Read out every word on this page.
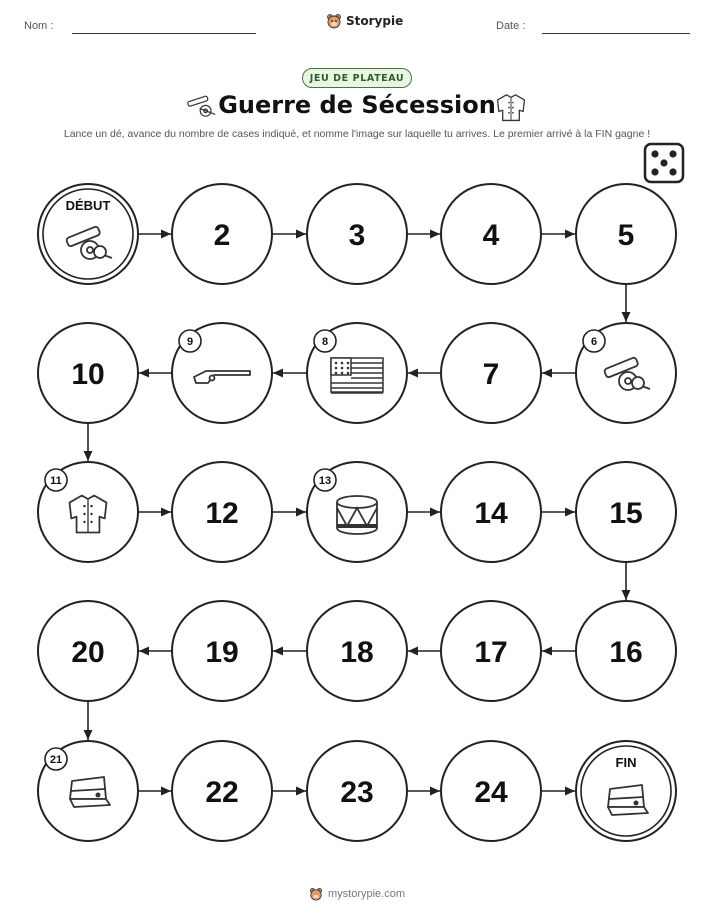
Nom :	Storypie	Date :
JEU DE PLATEAU
Guerre de Sécession
Lance un dé, avance du nombre de cases indiqué, et nomme l'image sur laquelle tu arrives. Le premier arrivé à la FIN gagne !
DÉBUT
2	3	4	5
6
7
8
9
10
11
12
13
14	15
16
17
18
19
20
21
22	23	24
FIN
mystorypie.com
